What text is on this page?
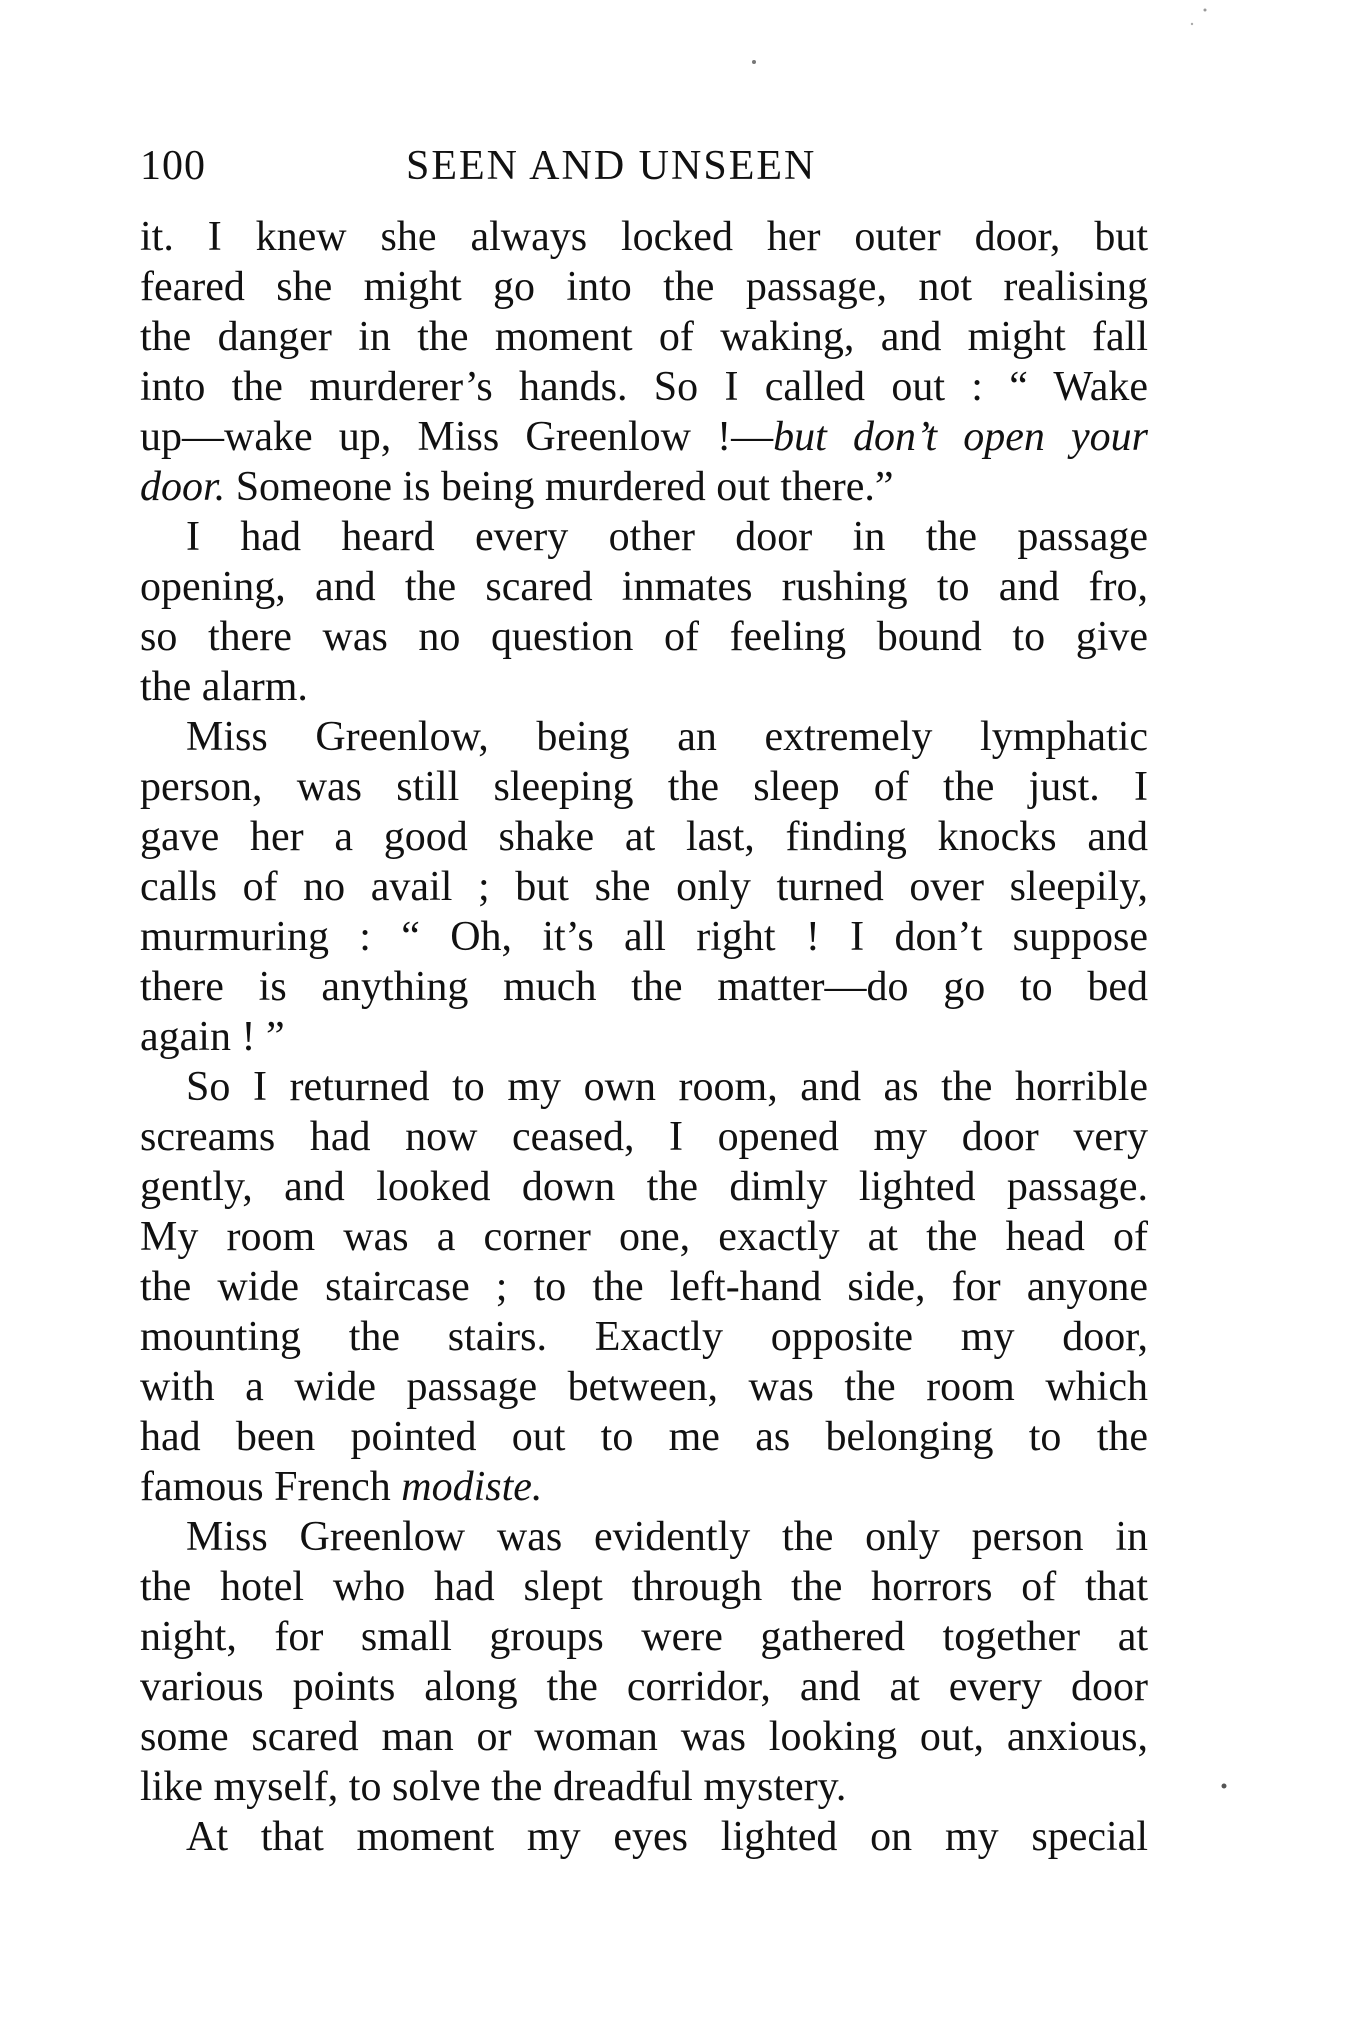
100	SEEN AND UNSEEN
it. I knew she always locked her outer door, but
feared she might go into the passage, not realising
the danger in the moment of waking, and might fall
into the murderer’s hands. So I called out : “ Wake
up—wake up, Miss Greenlow !—but don’t open your
door. Someone is being murdered out there.”
I had heard every other door in the passage
opening, and the scared inmates rushing to and fro,
so there was no question of feeling bound to give
the alarm.
Miss Greenlow, being an extremely lymphatic
person, was still sleeping the sleep of the just. I
gave her a good shake at last, finding knocks and
calls of no avail ; but she only turned over sleepily,
murmuring : “ Oh, it’s all right ! I don’t suppose
there is anything much the matter—do go to bed
again ! ”
So I returned to my own room, and as the horrible
screams had now ceased, I opened my door very
gently, and looked down the dimly lighted passage.
My room was a corner one, exactly at the head of
the wide staircase ; to the left-hand side, for anyone
mounting the stairs. Exactly opposite my door,
with a wide passage between, was the room which
had been pointed out to me as belonging to the
famous French modiste.
Miss Greenlow was evidently the only person in
the hotel who had slept through the horrors of that
night, for small groups were gathered together at
various points along the corridor, and at every door
some scared man or woman was looking out, anxious,
like myself, to solve the dreadful mystery.
At that moment my eyes lighted on my special
